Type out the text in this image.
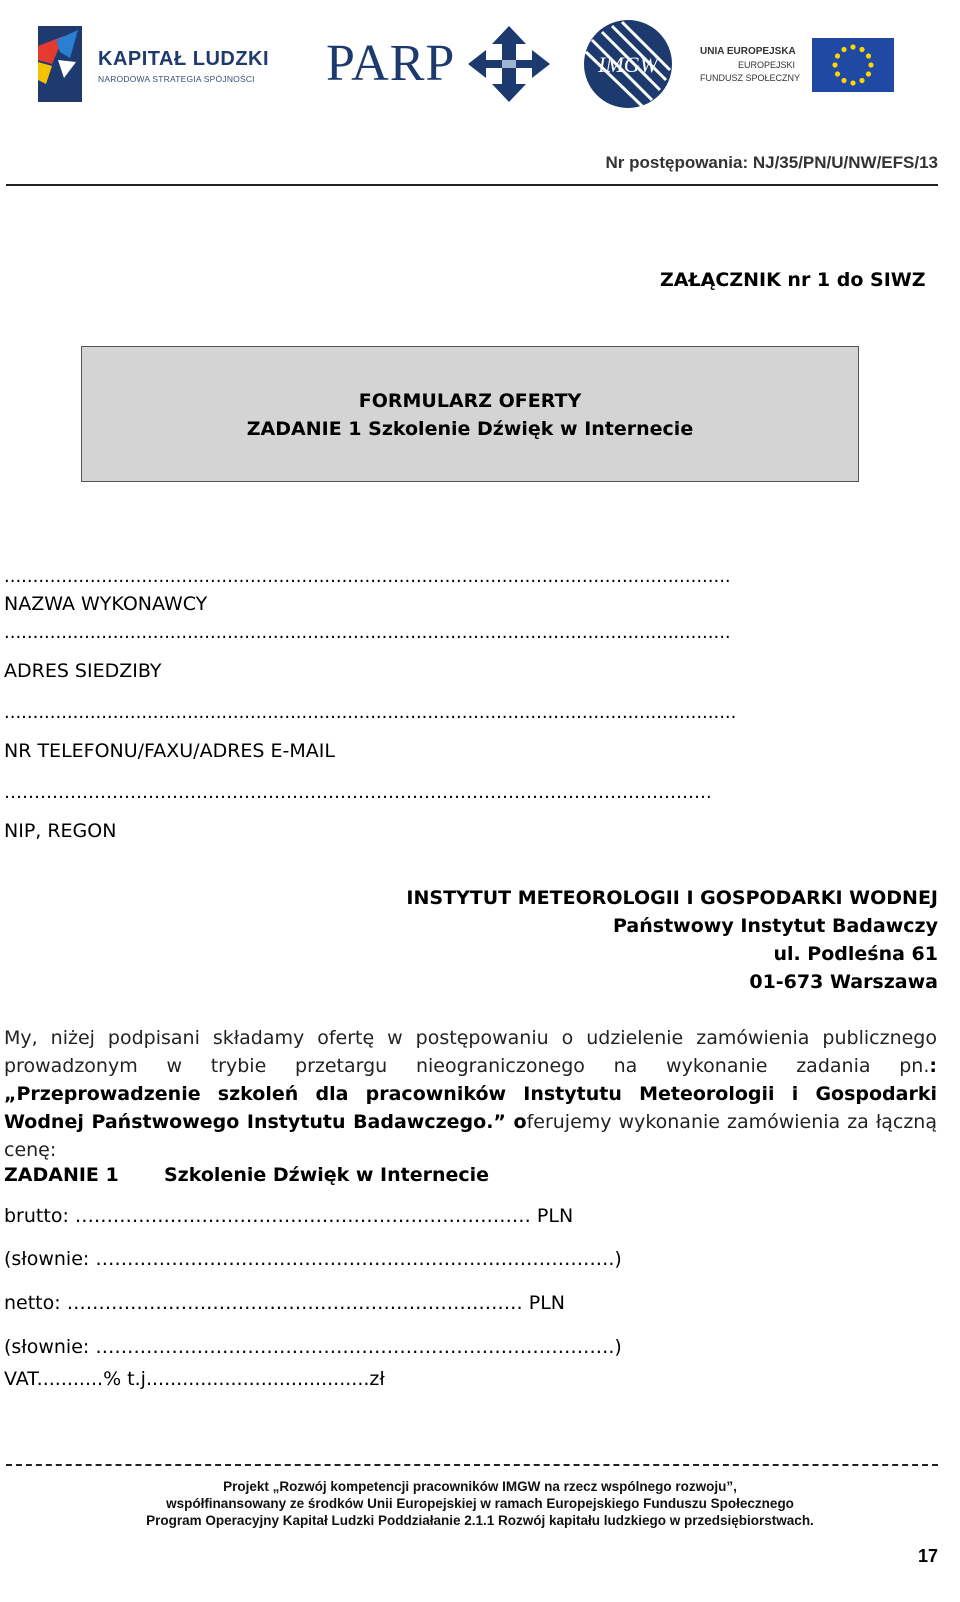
KAPITAŁ LUDZKI
NARODOWA STRATEGIA SPÓJNOŚCI PARP	IMGW
UNIA EUROPEJSKA
EUROPEJSKI
FUNDUSZ SPOŁECZNY
Nr postępowania: NJ/35/PN/U/NW/EFS/13
ZAŁĄCZNIK nr 1 do SIWZ
FORMULARZ OFERTY
ZADANIE 1 Szkolenie Dźwięk w Internecie
...............................................................................................................................
NAZWA WYKONAWCY
...............................................................................................................................
ADRES SIEDZIBY
................................................................................................................................
NR TELEFONU/FAXU/ADRES E-MAIL
……………………………………………………………………………………………………….
NIP, REGON
INSTYTUT METEOROLOGII I GOSPODARKI WODNEJ
Państwowy Instytut Badawczy
ul. Podleśna 61
01-673 Warszawa
My, niżej podpisani składamy ofertę w postępowaniu o udzielenie zamówienia publicznego prowadzonym w trybie przetargu nieograniczonego na wykonanie zadania pn.: „Przeprowadzenie szkoleń dla pracowników Instytutu Meteorologii i Gospodarki Wodnej Państwowego Instytutu Badawczego.” oferujemy wykonanie zamówienia za łączną cenę:
ZADANIE 1 Szkolenie Dźwięk w Internecie
brutto: ……………………………………………………………… PLN
(słownie: ……………………………………………………………………….)
netto: ……………………………………………………………… PLN
(słownie: ……………………………………………………………………….)
VAT...........% t.j.....................................zł
Projekt „Rozwój kompetencji pracowników IMGW na rzecz wspólnego rozwoju”,
współfinansowany ze środków Unii Europejskiej w ramach Europejskiego Funduszu Społecznego
Program Operacyjny Kapitał Ludzki Poddziałanie 2.1.1 Rozwój kapitału ludzkiego w przedsiębiorstwach.
17
